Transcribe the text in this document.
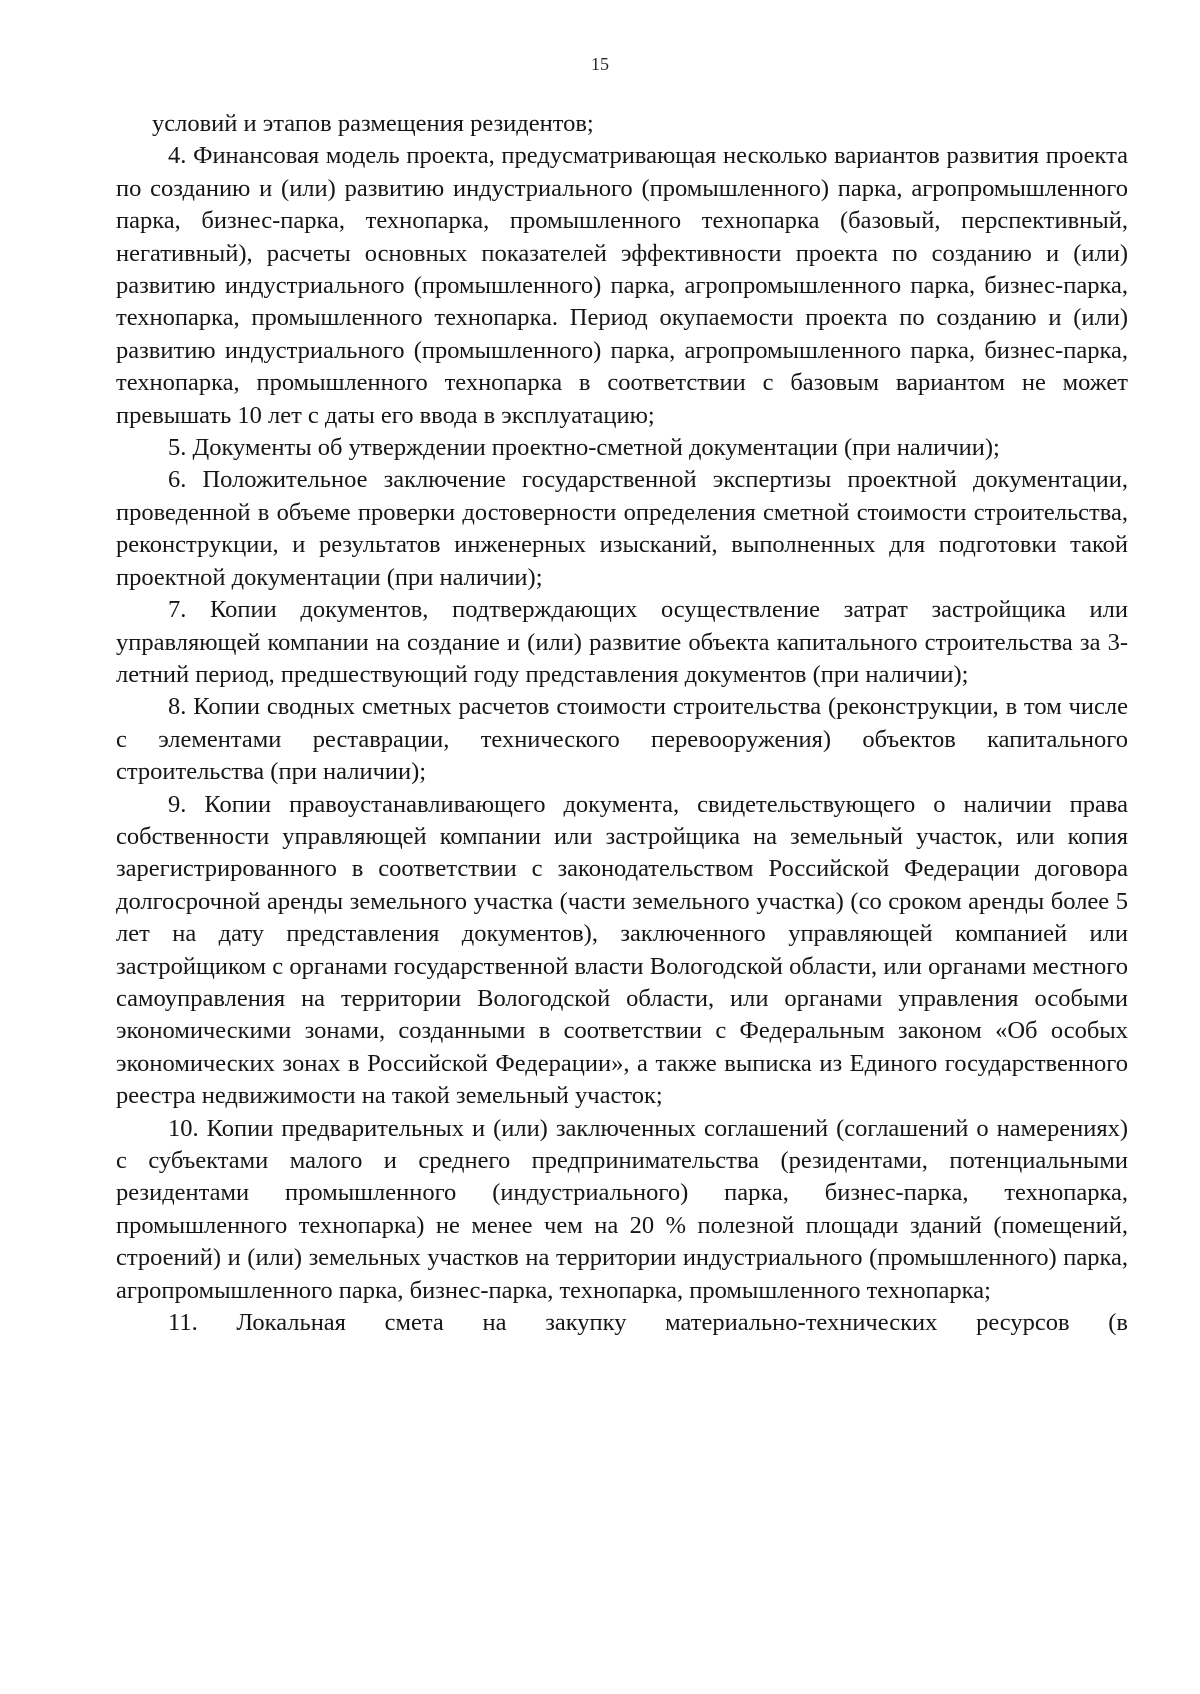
15

условий и этапов размещения резидентов;

4. Финансовая модель проекта, предусматривающая несколько вариантов развития проекта по созданию и (или) развитию индустриального (промышленного) парка, агропромышленного парка, бизнес-парка, технопарка, промышленного технопарка (базовый, перспективный, негативный), расчеты основных показателей эффективности проекта по созданию и (или) развитию индустриального (промышленного) парка, агропромышленного парка, бизнес-парка, технопарка, промышленного технопарка. Период окупаемости проекта по созданию и (или) развитию индустриального (промышленного) парка, агропромышленного парка, бизнес-парка, технопарка, промышленного технопарка в соответствии с базовым вариантом не может превышать 10 лет с даты его ввода в эксплуатацию;

5. Документы об утверждении проектно-сметной документации (при наличии);

6. Положительное заключение государственной экспертизы проектной документации, проведенной в объеме проверки достоверности определения сметной стоимости строительства, реконструкции, и результатов инженерных изысканий, выполненных для подготовки такой проектной документации (при наличии);

7. Копии документов, подтверждающих осуществление затрат застройщика или управляющей компании на создание и (или) развитие объекта капитального строительства за 3-летний период, предшествующий году представления документов (при наличии);

8. Копии сводных сметных расчетов стоимости строительства (реконструкции, в том числе с элементами реставрации, технического перевооружения) объектов капитального строительства (при наличии);

9. Копии правоустанавливающего документа, свидетельствующего о наличии права собственности управляющей компании или застройщика на земельный участок, или копия зарегистрированного в соответствии с законодательством Российской Федерации договора долгосрочной аренды земельного участка (части земельного участка) (со сроком аренды более 5 лет на дату представления документов), заключенного управляющей компанией или застройщиком с органами государственной власти Вологодской области, или органами местного самоуправления на территории Вологодской области, или органами управления особыми экономическими зонами, созданными в соответствии с Федеральным законом «Об особых экономических зонах в Российской Федерации», а также выписка из Единого государственного реестра недвижимости на такой земельный участок;

10. Копии предварительных и (или) заключенных соглашений (соглашений о намерениях) с субъектами малого и среднего предпринимательства (резидентами, потенциальными резидентами промышленного (индустриального) парка, бизнес-парка, технопарка, промышленного технопарка) не менее чем на 20 % полезной площади зданий (помещений, строений) и (или) земельных участков на территории индустриального (промышленного) парка, агропромышленного парка, бизнес-парка, технопарка, промышленного технопарка;

11. Локальная смета на закупку материально-технических ресурсов (в
